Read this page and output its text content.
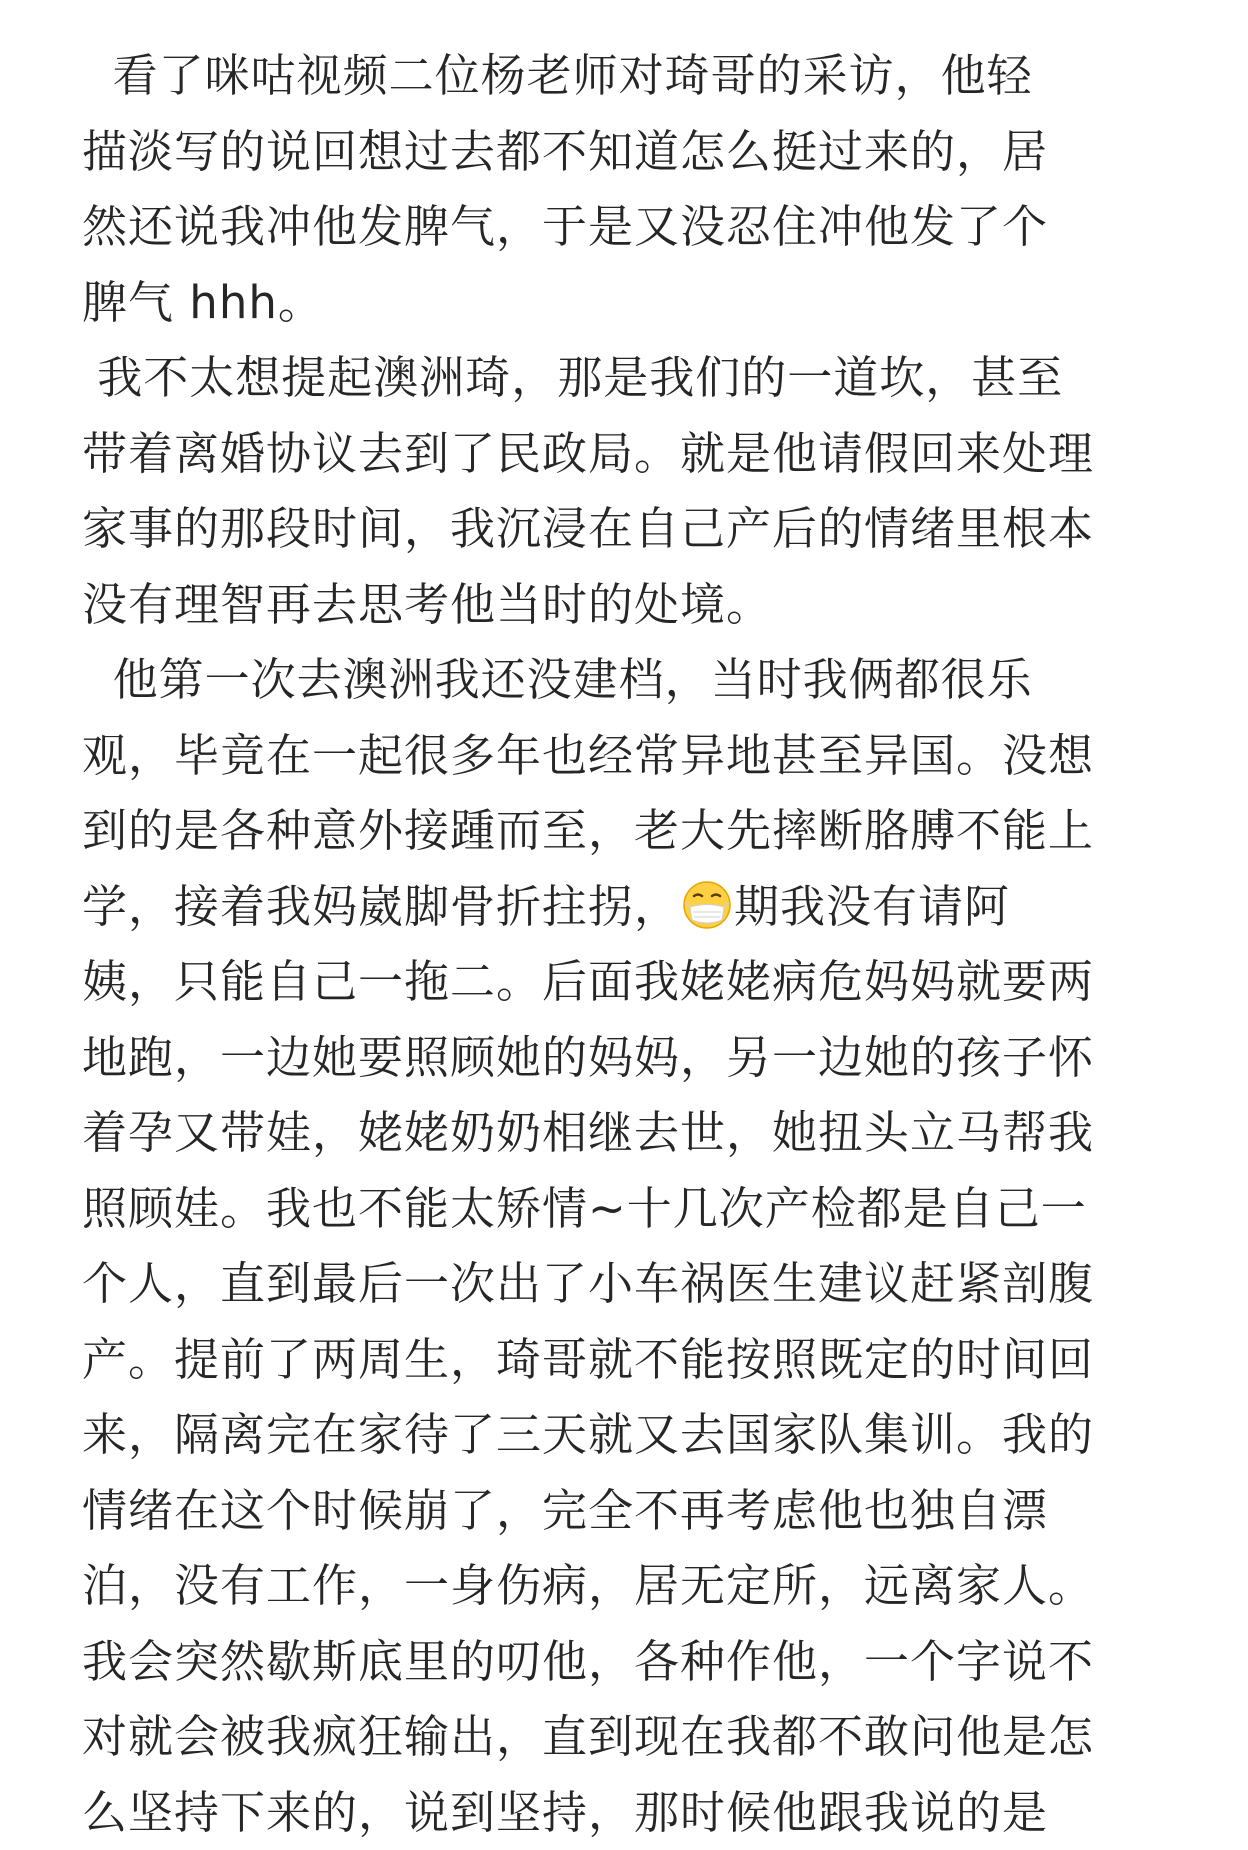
看了咪咕视频二位杨老师对琦哥的采访，他轻
描淡写的说回想过去都不知道怎么挺过来的，居
然还说我冲他发脾气，于是又没忍住冲他发了个
脾气 hhh。
我不太想提起澳洲琦，那是我们的一道坎，甚至
带着离婚协议去到了民政局。就是他请假回来处理
家事的那段时间，我沉浸在自己产后的情绪里根本
没有理智再去思考他当时的处境。
他第一次去澳洲我还没建档，当时我俩都很乐
观，毕竟在一起很多年也经常异地甚至异国。没想
到的是各种意外接踵而至，老大先摔断胳膊不能上
学，接着我妈崴脚骨折拄拐， 期我没有请阿
姨，只能自己一拖二。后面我姥姥病危妈妈就要两
地跑，一边她要照顾她的妈妈，另一边她的孩子怀
着孕又带娃，姥姥奶奶相继去世，她扭头立马帮我
照顾娃。我也不能太矫情~十几次产检都是自己一
个人，直到最后一次出了小车祸医生建议赶紧剖腹
产。提前了两周生，琦哥就不能按照既定的时间回
来，隔离完在家待了三天就又去国家队集训。我的
情绪在这个时候崩了，完全不再考虑他也独自漂
泊，没有工作，一身伤病，居无定所，远离家人。
我会突然歇斯底里的叨他，各种作他，一个字说不
对就会被我疯狂输出，直到现在我都不敢问他是怎
么坚持下来的，说到坚持，那时候他跟我说的是
